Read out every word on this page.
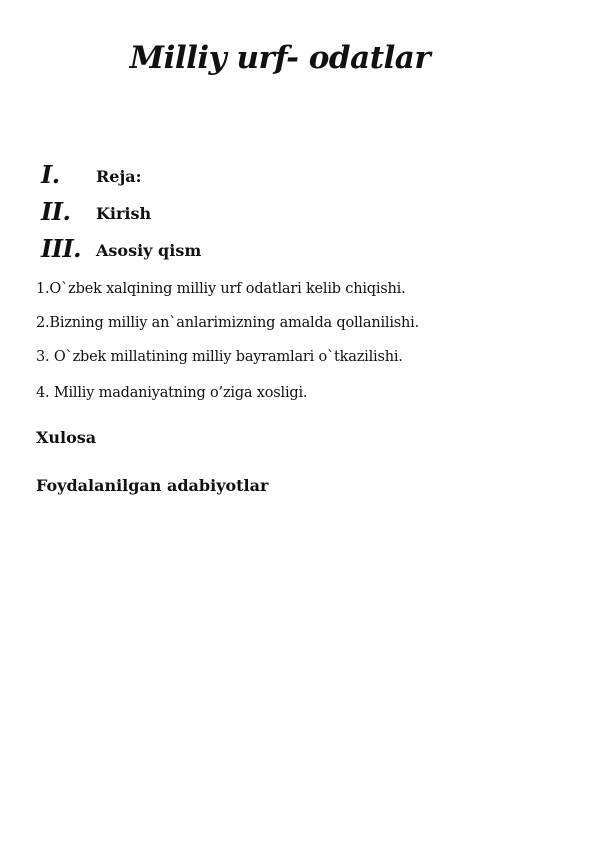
Milliy urf- odatlar
I.	Reja:
II.	Kirish
III. Asosiy qism
1.O`zbek xalqining milliy urf odatlari kelib chiqishi.
2.Bizning milliy an`anlarimizning amalda qollanilishi.
3. O`zbek millatining milliy bayramlari o`tkazilishi.
4. Milliy madaniyatning o’ziga xosligi.
Xulosa
Foydalanilgan adabiyotlar
